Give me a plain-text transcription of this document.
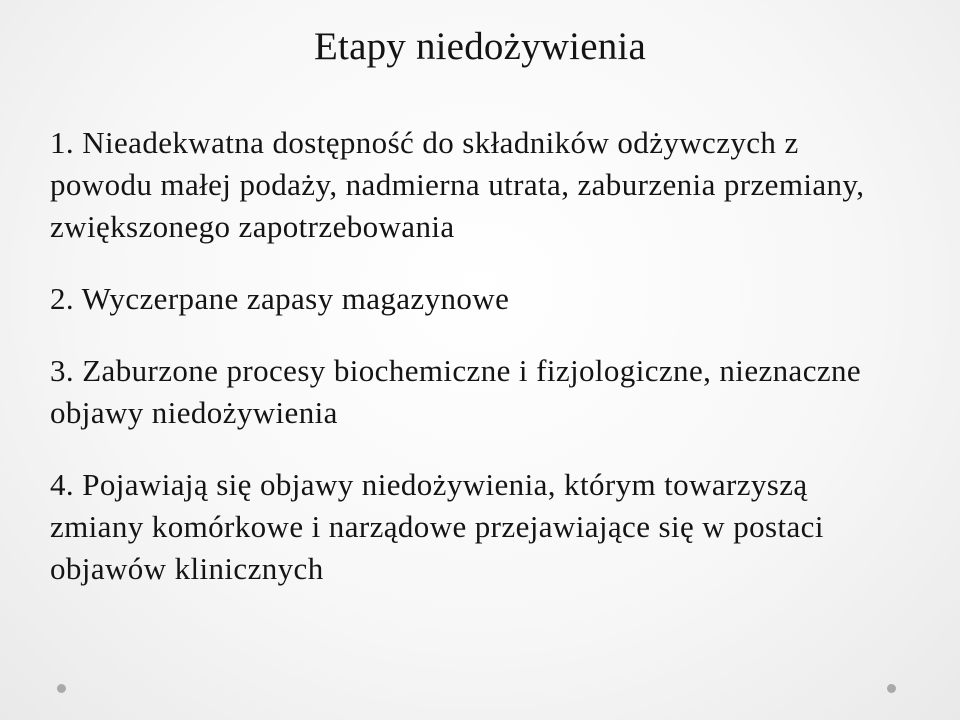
Etapy niedożywienia

1. Nieadekwatna dostępność do składników odżywczych z powodu małej podaży, nadmierna utrata, zaburzenia przemiany, zwiększonego zapotrzebowania

2. Wyczerpane zapasy magazynowe

3. Zaburzone procesy biochemiczne i fizjologiczne, nieznaczne objawy niedożywienia

4. Pojawiają się objawy niedożywienia, którym towarzyszą zmiany komórkowe i narządowe przejawiające się w postaci objawów klinicznych
